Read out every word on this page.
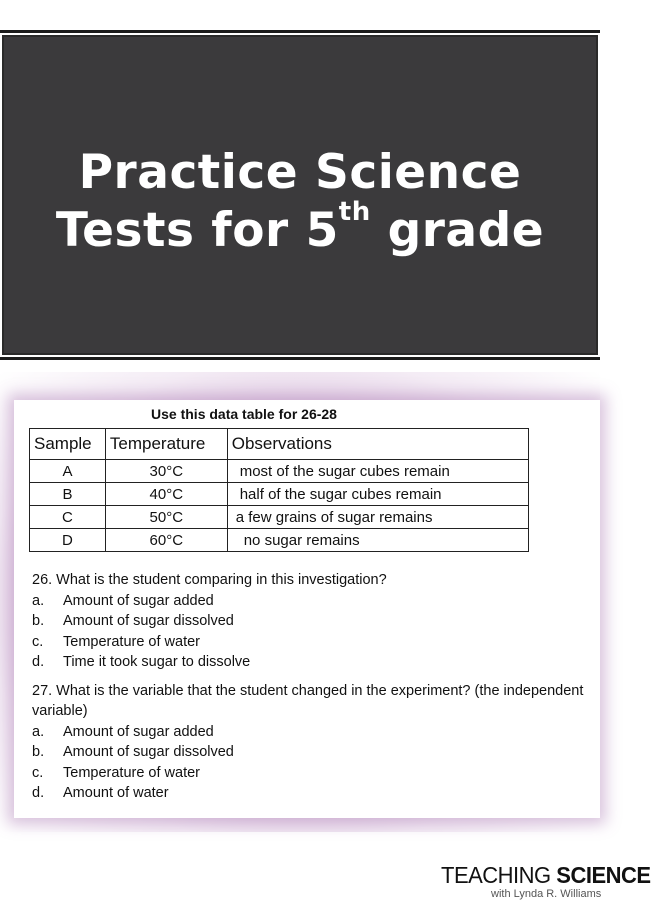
Practice Science
Tests for 5th grade
Use this data table for 26-28
Sample	Temperature	Observations
A	30°C	most of the sugar cubes remain
B	40°C	half of the sugar cubes remain
C	50°C	a few grains of sugar remains
D	60°C	no sugar remains

26. What is the student comparing in this investigation?

a.	Amount of sugar added
b.	Amount of sugar dissolved
c.	Temperature of water
d.	Time it took sugar to dissolve

27. What is the variable that the student changed in the experiment? (the independent variable)

a.	Amount of sugar added
b.	Amount of sugar dissolved
c.	Temperature of water
d.	Amount of water
TEACHING SCIENCE
with Lynda R. Williams
